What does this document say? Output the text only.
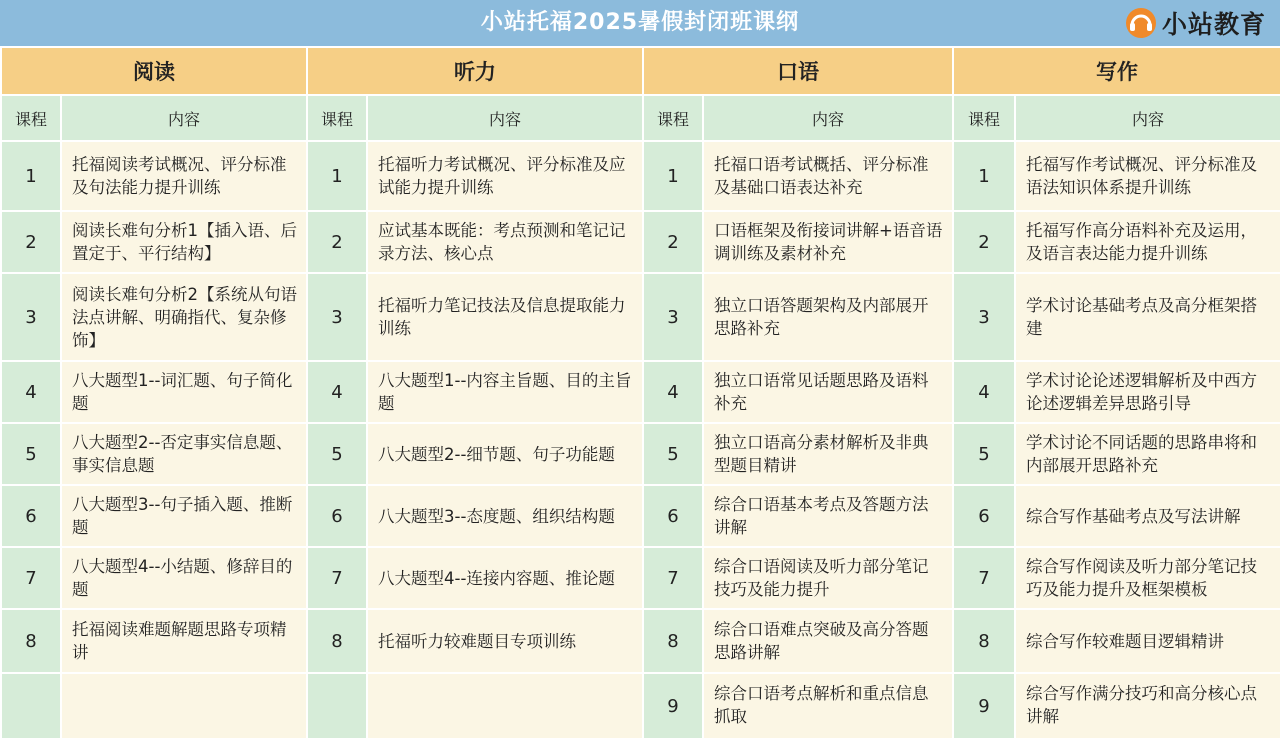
小站托福2025暑假封闭班课纲	小站教育
阅读		听力		口语		写作	
课程	内容	课程	内容	课程	内容	课程	内容
1	托福阅读考试概况、评分标准及句法能力提升训练	1	托福听力考试概况、评分标准及应试能力提升训练	1	托福口语考试概括、评分标准及基础口语表达补充	1	托福写作考试概况、评分标准及语法知识体系提升训练
2	阅读长难句分析1【插入语、后置定于、平行结构】	2	应试基本既能：考点预测和笔记记录方法、核心点	2	口语框架及衔接词讲解+语音语调训练及素材补充	2	托福写作高分语料补充及运用，及语言表达能力提升训练
3	阅读长难句分析2【系统从句语法点讲解、明确指代、复杂修饰】	3	托福听力笔记技法及信息提取能力训练	3	独立口语答题架构及内部展开思路补充	3	学术讨论基础考点及高分框架搭建
4	八大题型1--词汇题、句子简化题	4	八大题型1--内容主旨题、目的主旨题	4	独立口语常见话题思路及语料补充	4	学术讨论论述逻辑解析及中西方论述逻辑差异思路引导
5	八大题型2--否定事实信息题、事实信息题	5	八大题型2--细节题、句子功能题	5	独立口语高分素材解析及非典型题目精讲	5	学术讨论不同话题的思路串将和内部展开思路补充
6	八大题型3--句子插入题、推断题	6	八大题型3--态度题、组织结构题	6	综合口语基本考点及答题方法讲解	6	综合写作基础考点及写法讲解
7	八大题型4--小结题、修辞目的题	7	八大题型4--连接内容题、推论题	7	综合口语阅读及听力部分笔记技巧及能力提升	7	综合写作阅读及听力部分笔记技巧及能力提升及框架模板
8	托福阅读难题解题思路专项精讲	8	托福听力较难题目专项训练	8	综合口语难点突破及高分答题思路讲解	8	综合写作较难题目逻辑精讲
				9	综合口语考点解析和重点信息抓取	9	综合写作满分技巧和高分核心点讲解
